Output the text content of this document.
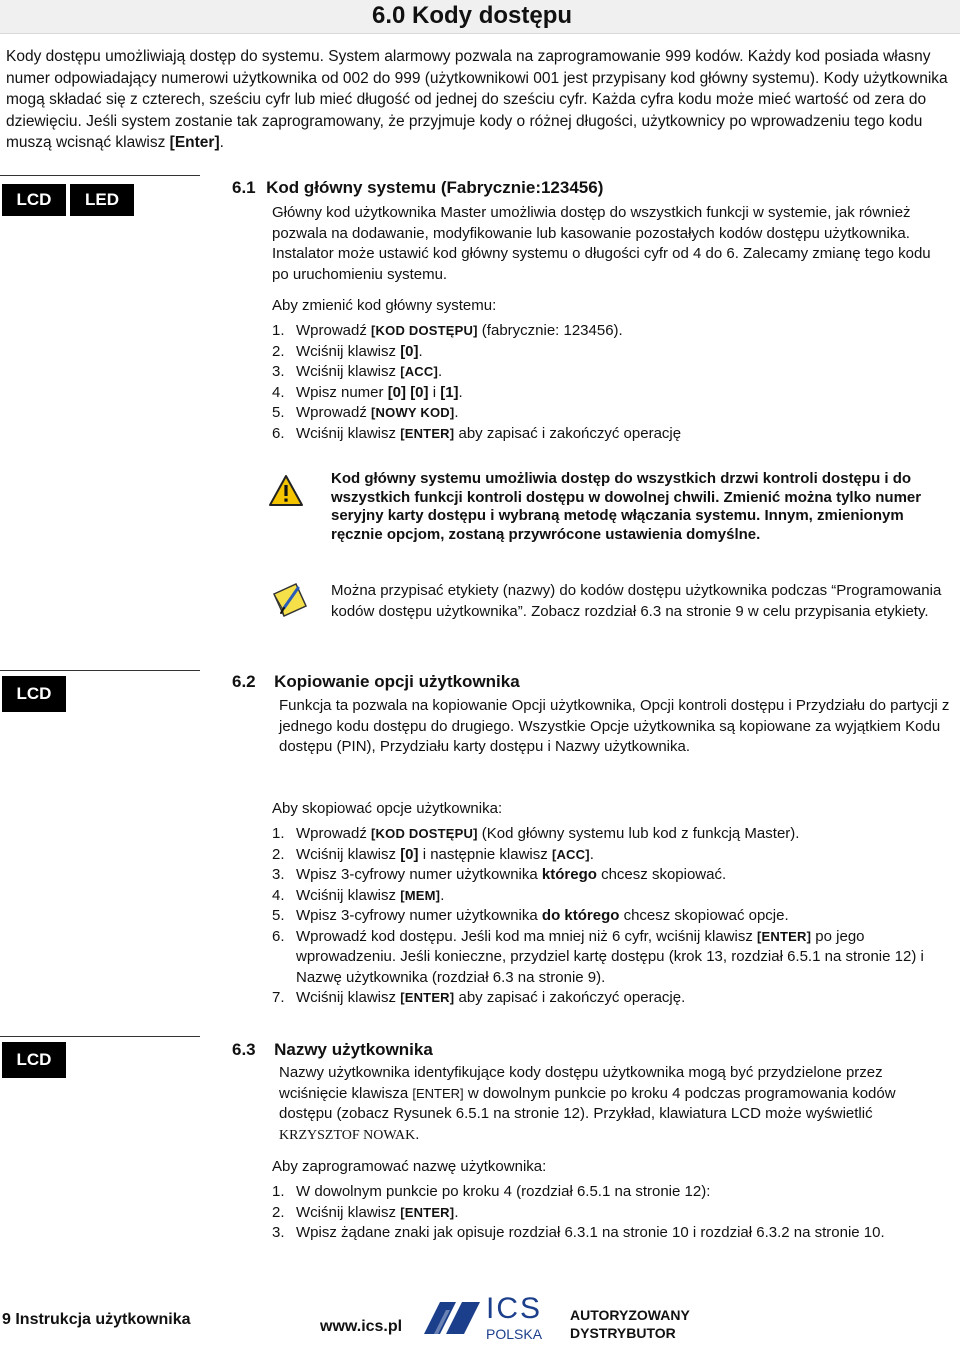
6.0 Kody dostępu

Kody dostępu umożliwiają dostęp do systemu. System alarmowy pozwala na zaprogramowanie 999 kodów. Każdy kod posiada własny numer odpowiadający numerowi użytkownika od 002 do 999 (użytkownikowi 001 jest przypisany kod główny systemu). Kody użytkownika mogą składać się z czterech, sześciu cyfr lub mieć długość od jednej do sześciu cyfr. Każda cyfra kodu może mieć wartość od zera do dziewięciu. Jeśli system zostanie tak zaprogramowany, że przyjmuje kody o różnej długości, użytkownicy po wprowadzeniu tego kodu muszą wcisnąć klawisz [Enter].

LCD	LED
6.1 Kod główny systemu (Fabrycznie:123456)

Główny kod użytkownika Master umożliwia dostęp do wszystkich funkcji w systemie, jak również pozwala na dodawanie, modyfikowanie lub kasowanie pozostałych kodów dostępu użytkownika. Instalator może ustawić kod główny systemu o długości cyfr od 4 do 6. Zalecamy zmianę tego kodu po uruchomieniu systemu.

Aby zmienić kod główny systemu:
1. Wprowadź [KOD DOSTĘPU] (fabrycznie: 123456).
2. Wciśnij klawisz [0].
3. Wciśnij klawisz [ACC].
4. Wpisz numer [0] [0] i [1].
5. Wprowadź [NOWY KOD].
6. Wciśnij klawisz [ENTER] aby zapisać i zakończyć operację

Kod główny systemu umożliwia dostęp do wszystkich drzwi kontroli dostępu i do wszystkich funkcji kontroli dostępu w dowolnej chwili. Zmienić można tylko numer seryjny karty dostępu i wybraną metodę włączania systemu. Innym, zmienionym ręcznie opcjom, zostaną przywrócone ustawienia domyślne.

Można przypisać etykiety (nazwy) do kodów dostępu użytkownika podczas “Programowania kodów dostępu użytkownika”. Zobacz rozdział 6.3 na stronie 9 w celu przypisania etykiety.

LCD
6.2 Kopiowanie opcji użytkownika

Funkcja ta pozwala na kopiowanie Opcji użytkownika, Opcji kontroli dostępu i Przydziału do partycji z jednego kodu dostępu do drugiego. Wszystkie Opcje użytkownika są kopiowane za wyjątkiem Kodu dostępu (PIN), Przydziału karty dostępu i Nazwy użytkownika.

Aby skopiować opcje użytkownika:
1. Wprowadź [KOD DOSTĘPU] (Kod główny systemu lub kod z funkcją Master).
2. Wciśnij klawisz [0] i następnie klawisz [ACC].
3. Wpisz 3-cyfrowy numer użytkownika którego chcesz skopiować.
4. Wciśnij klawisz [MEM].
5. Wpisz 3-cyfrowy numer użytkownika do którego chcesz skopiować opcje.
6. Wprowadź kod dostępu. Jeśli kod ma mniej niż 6 cyfr, wciśnij klawisz [ENTER] po jego wprowadzeniu. Jeśli konieczne, przydziel kartę dostępu (krok 13, rozdział 6.5.1 na stronie 12) i Nazwę użytkownika (rozdział 6.3 na stronie 9).
7. Wciśnij klawisz [ENTER] aby zapisać i zakończyć operację.
LCD
6.3 Nazwy użytkownika

Nazwy użytkownika identyfikujące kody dostępu użytkownika mogą być przydzielone przez wciśnięcie klawisza [ENTER] w dowolnym punkcie po kroku 4 podczas programowania kodów dostępu (zobacz Rysunek 6.5.1 na stronie 12). Przykład, klawiatura LCD może wyświetlić KRZYSZTOF NOWAK.

Aby zaprogramować nazwę użytkownika:
1. W dowolnym punkcie po kroku 4 (rozdział 6.5.1 na stronie 12):
2. Wciśnij klawisz [ENTER].
3. Wpisz żądane znaki jak opisuje rozdział 6.3.1 na stronie 10 i rozdział 6.3.2 na stronie 10.
9 Instrukcja użytkownika	www.ics.pl
ICS
POLSKA
AUTORYZOWANY
DYSTRYBUTOR
